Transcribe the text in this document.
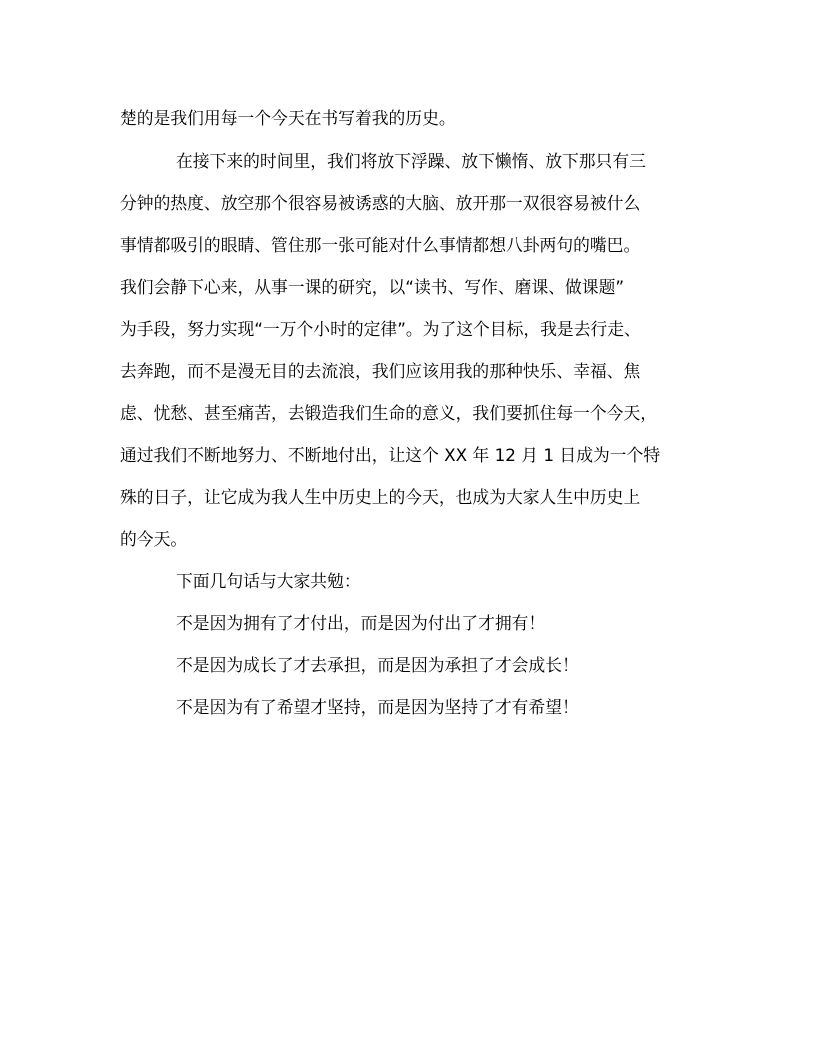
楚的是我们用每一个今天在书写着我的历史。
在接下来的时间里，我们将放下浮躁、放下懒惰、放下那只有三
分钟的热度、放空那个很容易被诱惑的大脑、放开那一双很容易被什么
事情都吸引的眼睛、管住那一张可能对什么事情都想八卦两句的嘴巴。
我们会静下心来，从事一课的研究，以“读书、写作、磨课、做课题”
为手段，努力实现“一万个小时的定律”。为了这个目标，我是去行走、
去奔跑，而不是漫无目的去流浪，我们应该用我的那种快乐、幸福、焦
虑、忧愁、甚至痛苦，去锻造我们生命的意义，我们要抓住每一个今天，
通过我们不断地努力、不断地付出，让这个 XX 年 12 月 1 日成为一个特
殊的日子，让它成为我人生中历史上的今天，也成为大家人生中历史上
的今天。
下面几句话与大家共勉：
不是因为拥有了才付出，而是因为付出了才拥有！
不是因为成长了才去承担，而是因为承担了才会成长！
不是因为有了希望才坚持，而是因为坚持了才有希望！
